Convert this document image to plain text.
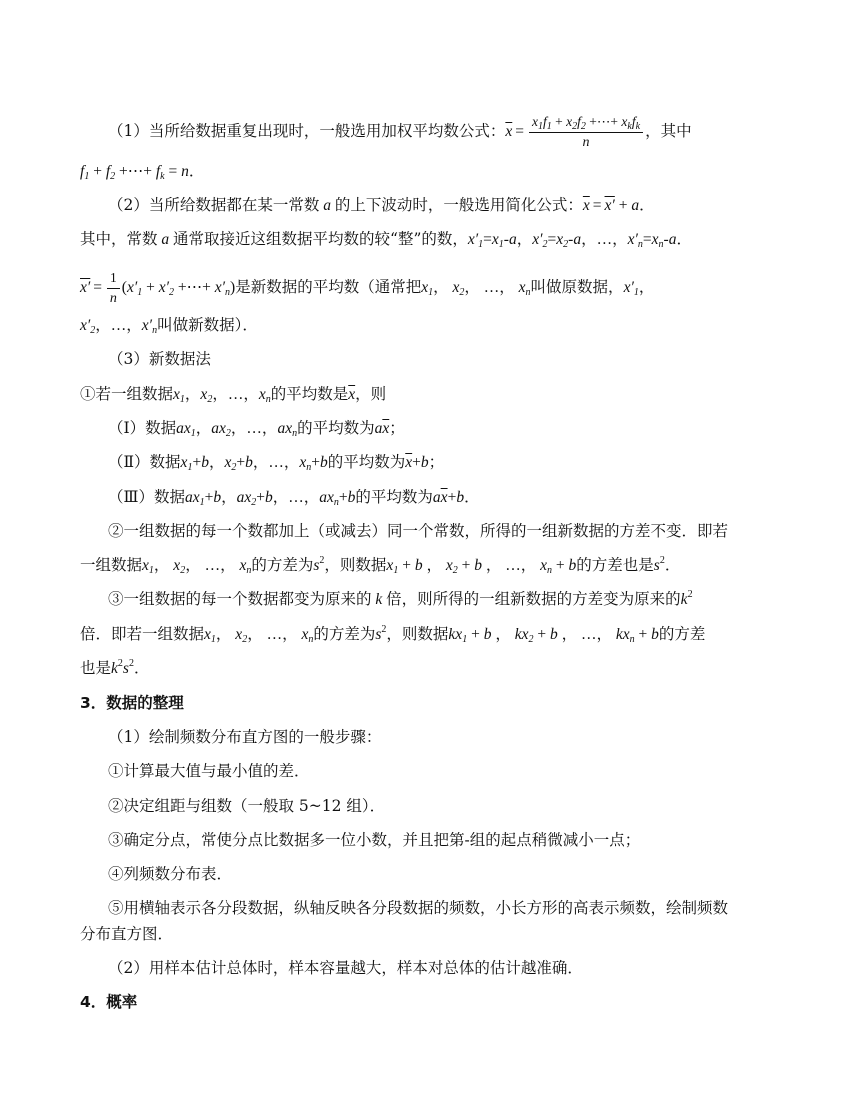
（1）当所给数据重复出现时，一般选用加权平均数公式：$\overline{x} = \frac{x_1f_1 + x_2f_2 +\cdots+ x_kf_k}{n}$ ，其中
$f_1 + f_2$ +⋯+ $f_k = n$．
（2）当所给数据都在某一常数 a 的上下波动时，一般选用简化公式：$\overline{x} = x' + a$．
其中，常数 a 通常取接近这组数据平均数的较“整”的数，$x'_1=x_1-a$，$x'_2=x_2-a$，…，$x'_n=x_n-a$．
$x' = \frac{1}{n} (x'_1 + x'_2$ +⋯+ $x'_n$)是新数据的平均数（通常把$x_1$， $x_2$， …， $x_n$叫做原数据，$x'_1$，
$x'_2$，…，$x'_n$叫做新数据）．
（3）新数据法
①若一组数据$x_1$，$x_2$，…，$x_n$的平均数是$\overline{x}$，则
（Ⅰ）数据$ax_1$，$ax_2$，…，$ax_n$的平均数为$a\overline{x}$；
（Ⅱ）数据$x_1+b$，$x_2+b$，…，$x_n+b$的平均数为$\overline{x}+b$；
（Ⅲ）数据$ax_1+b$，$ax_2+b$，…，$ax_n+b$的平均数为$a\overline{x}+b$．
②一组数据的每一个数都加上（或减去）同一个常数，所得的一组新数据的方差不变．即若
一组数据$x_1$， $x_2$， …， $x_n$的方差为$s^2$，则数据$x_1 + b$ ， $x_2 + b$ ， …， $x_n + b$的方差也是$s^2$．
③一组数据的每一个数据都变为原来的 k 倍，则所得的一组新数据的方差变为原来的$k^2$
倍．即若一组数据$x_1$， $x_2$， …， $x_n$的方差为$s^2$，则数据$kx_1 + b$ ， $kx_2 + b$ ， …， $kx_n + b$的方差
也是$k^2s^2$．
3．数据的整理
（1）绘制频数分布直方图的一般步骤：
①计算最大值与最小值的差．
②决定组距与组数（一般取 5~12 组）．
③确定分点，常使分点比数据多一位小数，并且把第-组的起点稍微减小一点；
④列频数分布表．
⑤用横轴表示各分段数据，纵轴反映各分段数据的频数，小长方形的高表示频数，绘制频数
分布直方图．
（2）用样本估计总体时，样本容量越大，样本对总体的估计越准确．
4．概率
